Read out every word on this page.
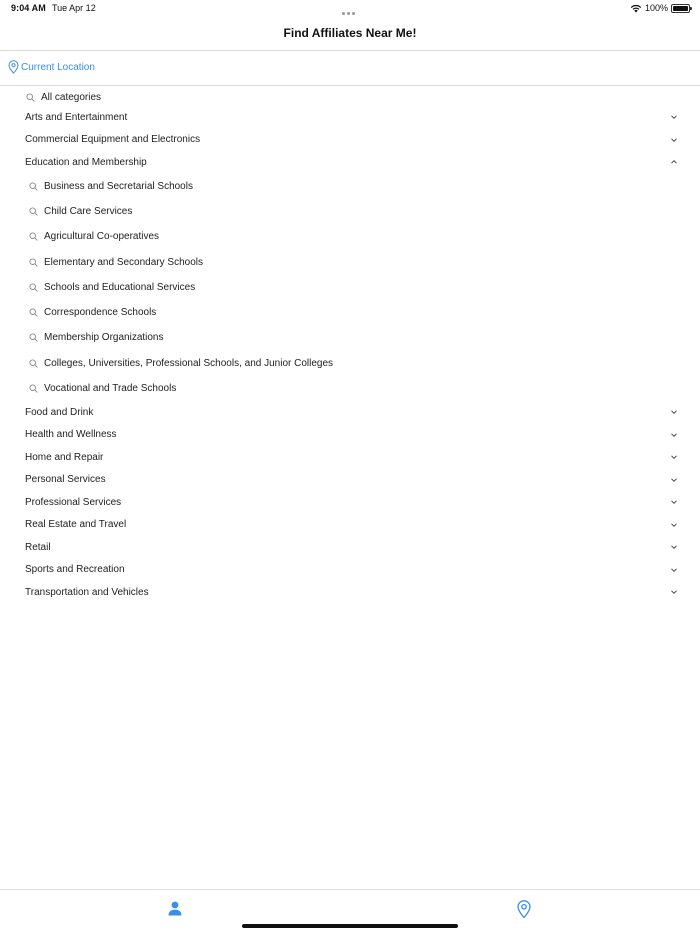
9:04 AM Tue Apr 12	100%
Find Affiliates Near Me!
Current Location
All categories
Arts and Entertainment
Commercial Equipment and Electronics
Education and Membership
Business and Secretarial Schools
Child Care Services
Agricultural Co-operatives
Elementary and Secondary Schools
Schools and Educational Services
Correspondence Schools
Membership Organizations
Colleges, Universities, Professional Schools, and Junior Colleges
Vocational and Trade Schools
Food and Drink
Health and Wellness
Home and Repair
Personal Services
Professional Services
Real Estate and Travel
Retail
Sports and Recreation
Transportation and Vehicles
